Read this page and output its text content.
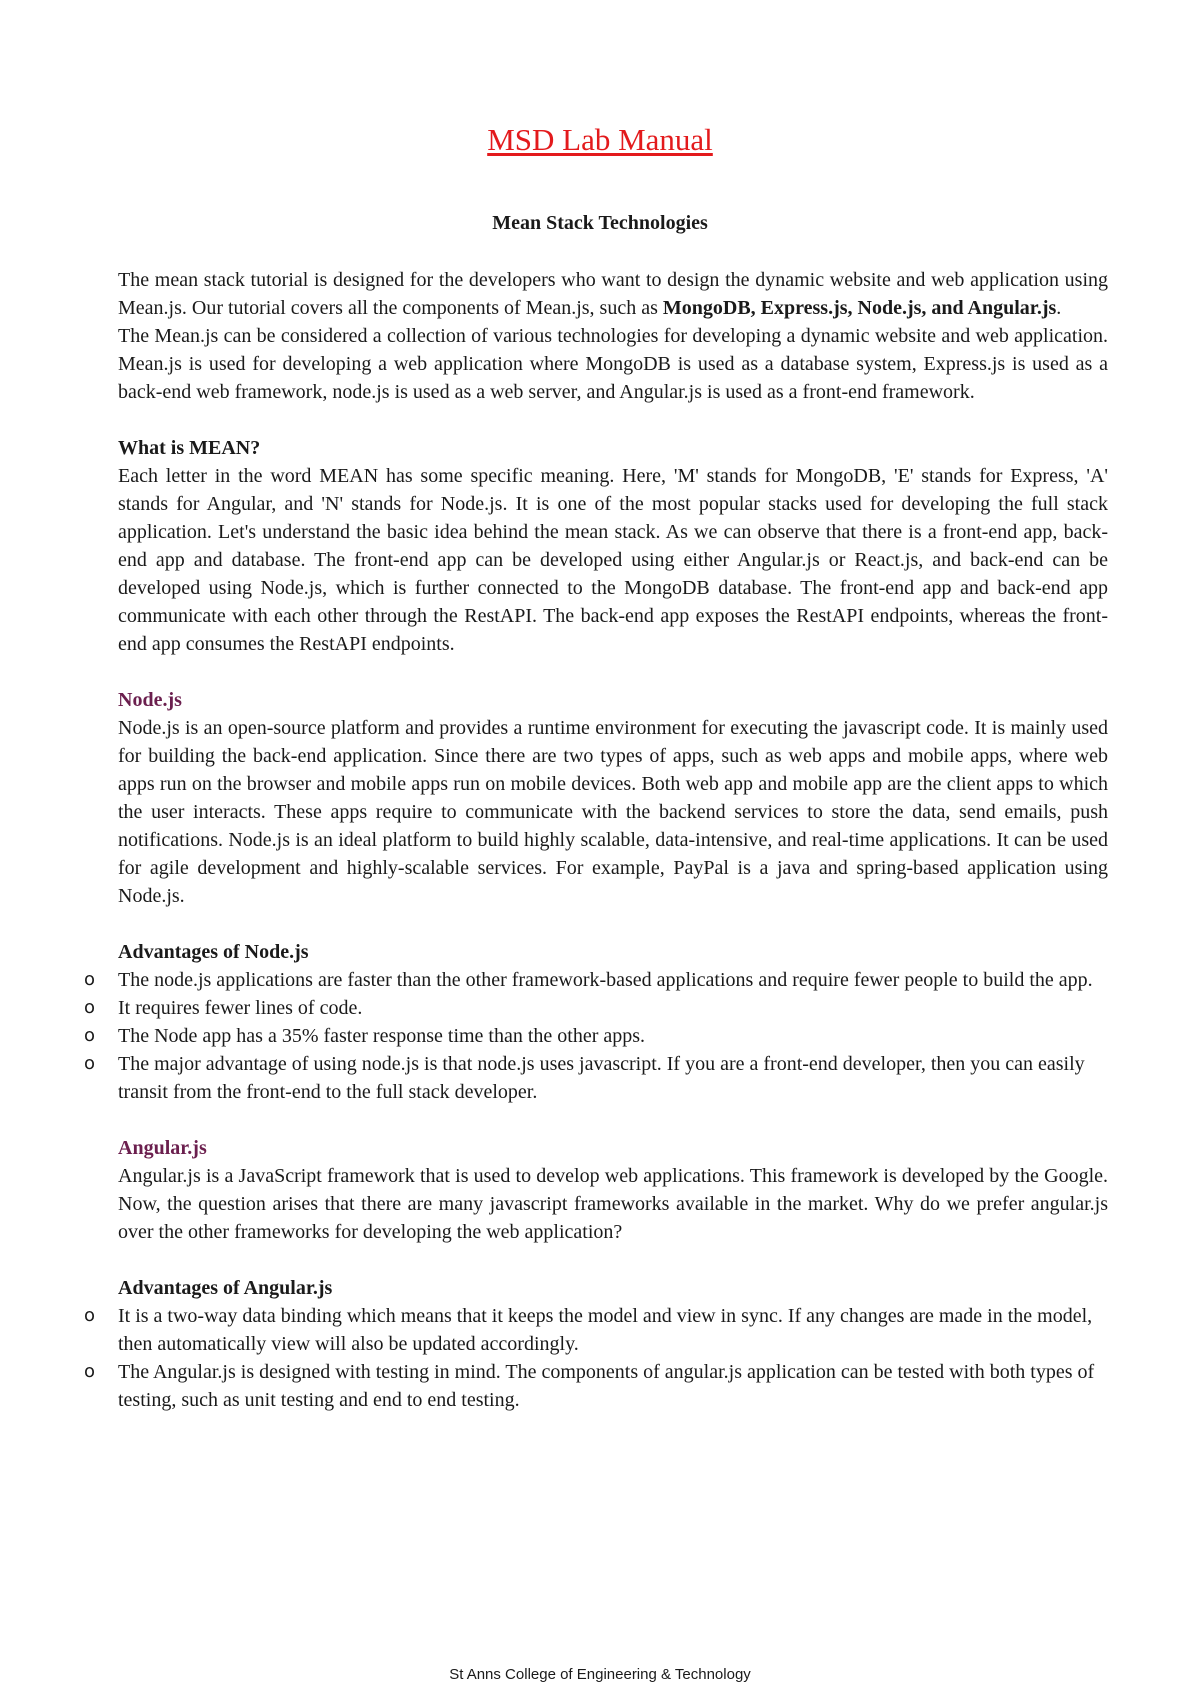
MSD Lab Manual
Mean Stack Technologies

The mean stack tutorial is designed for the developers who want to design the dynamic website and web application using Mean.js. Our tutorial covers all the components of Mean.js, such as MongoDB, Express.js, Node.js, and Angular.js.

The Mean.js can be considered a collection of various technologies for developing a dynamic website and web application. Mean.js is used for developing a web application where MongoDB is used as a database system, Express.js is used as a back-end web framework, node.js is used as a web server, and Angular.js is used as a front-end framework.

What is MEAN?

Each letter in the word MEAN has some specific meaning. Here, 'M' stands for MongoDB, 'E' stands for Express, 'A' stands for Angular, and 'N' stands for Node.js. It is one of the most popular stacks used for developing the full stack application. Let's understand the basic idea behind the mean stack. As we can observe that there is a front-end app, back-end app and database. The front-end app can be developed using either Angular.js or React.js, and back-end can be developed using Node.js, which is further connected to the MongoDB database. The front-end app and back-end app communicate with each other through the RestAPI. The back-end app exposes the RestAPI endpoints, whereas the front-end app consumes the RestAPI endpoints.

Node.js

Node.js is an open-source platform and provides a runtime environment for executing the javascript code. It is mainly used for building the back-end application. Since there are two types of apps, such as web apps and mobile apps, where web apps run on the browser and mobile apps run on mobile devices. Both web app and mobile app are the client apps to which the user interacts. These apps require to communicate with the backend services to store the data, send emails, push notifications. Node.js is an ideal platform to build highly scalable, data-intensive, and real-time applications. It can be used for agile development and highly-scalable services. For example, PayPal is a java and spring-based application using Node.js.

Advantages of Node.js

o The node.js applications are faster than the other framework-based applications and require fewer people to build the app.
o It requires fewer lines of code.
o The Node app has a 35% faster response time than the other apps.
o The major advantage of using node.js is that node.js uses javascript. If you are a front-end developer, then you can easily transit from the front-end to the full stack developer.

Angular.js

Angular.js is a JavaScript framework that is used to develop web applications. This framework is developed by the Google. Now, the question arises that there are many javascript frameworks available in the market. Why do we prefer angular.js over the other frameworks for developing the web application?

Advantages of Angular.js

o It is a two-way data binding which means that it keeps the model and view in sync. If any changes are made in the model, then automatically view will also be updated accordingly.
o The Angular.js is designed with testing in mind. The components of angular.js application can be tested with both types of testing, such as unit testing and end to end testing.
St Anns College of Engineering & Technology
